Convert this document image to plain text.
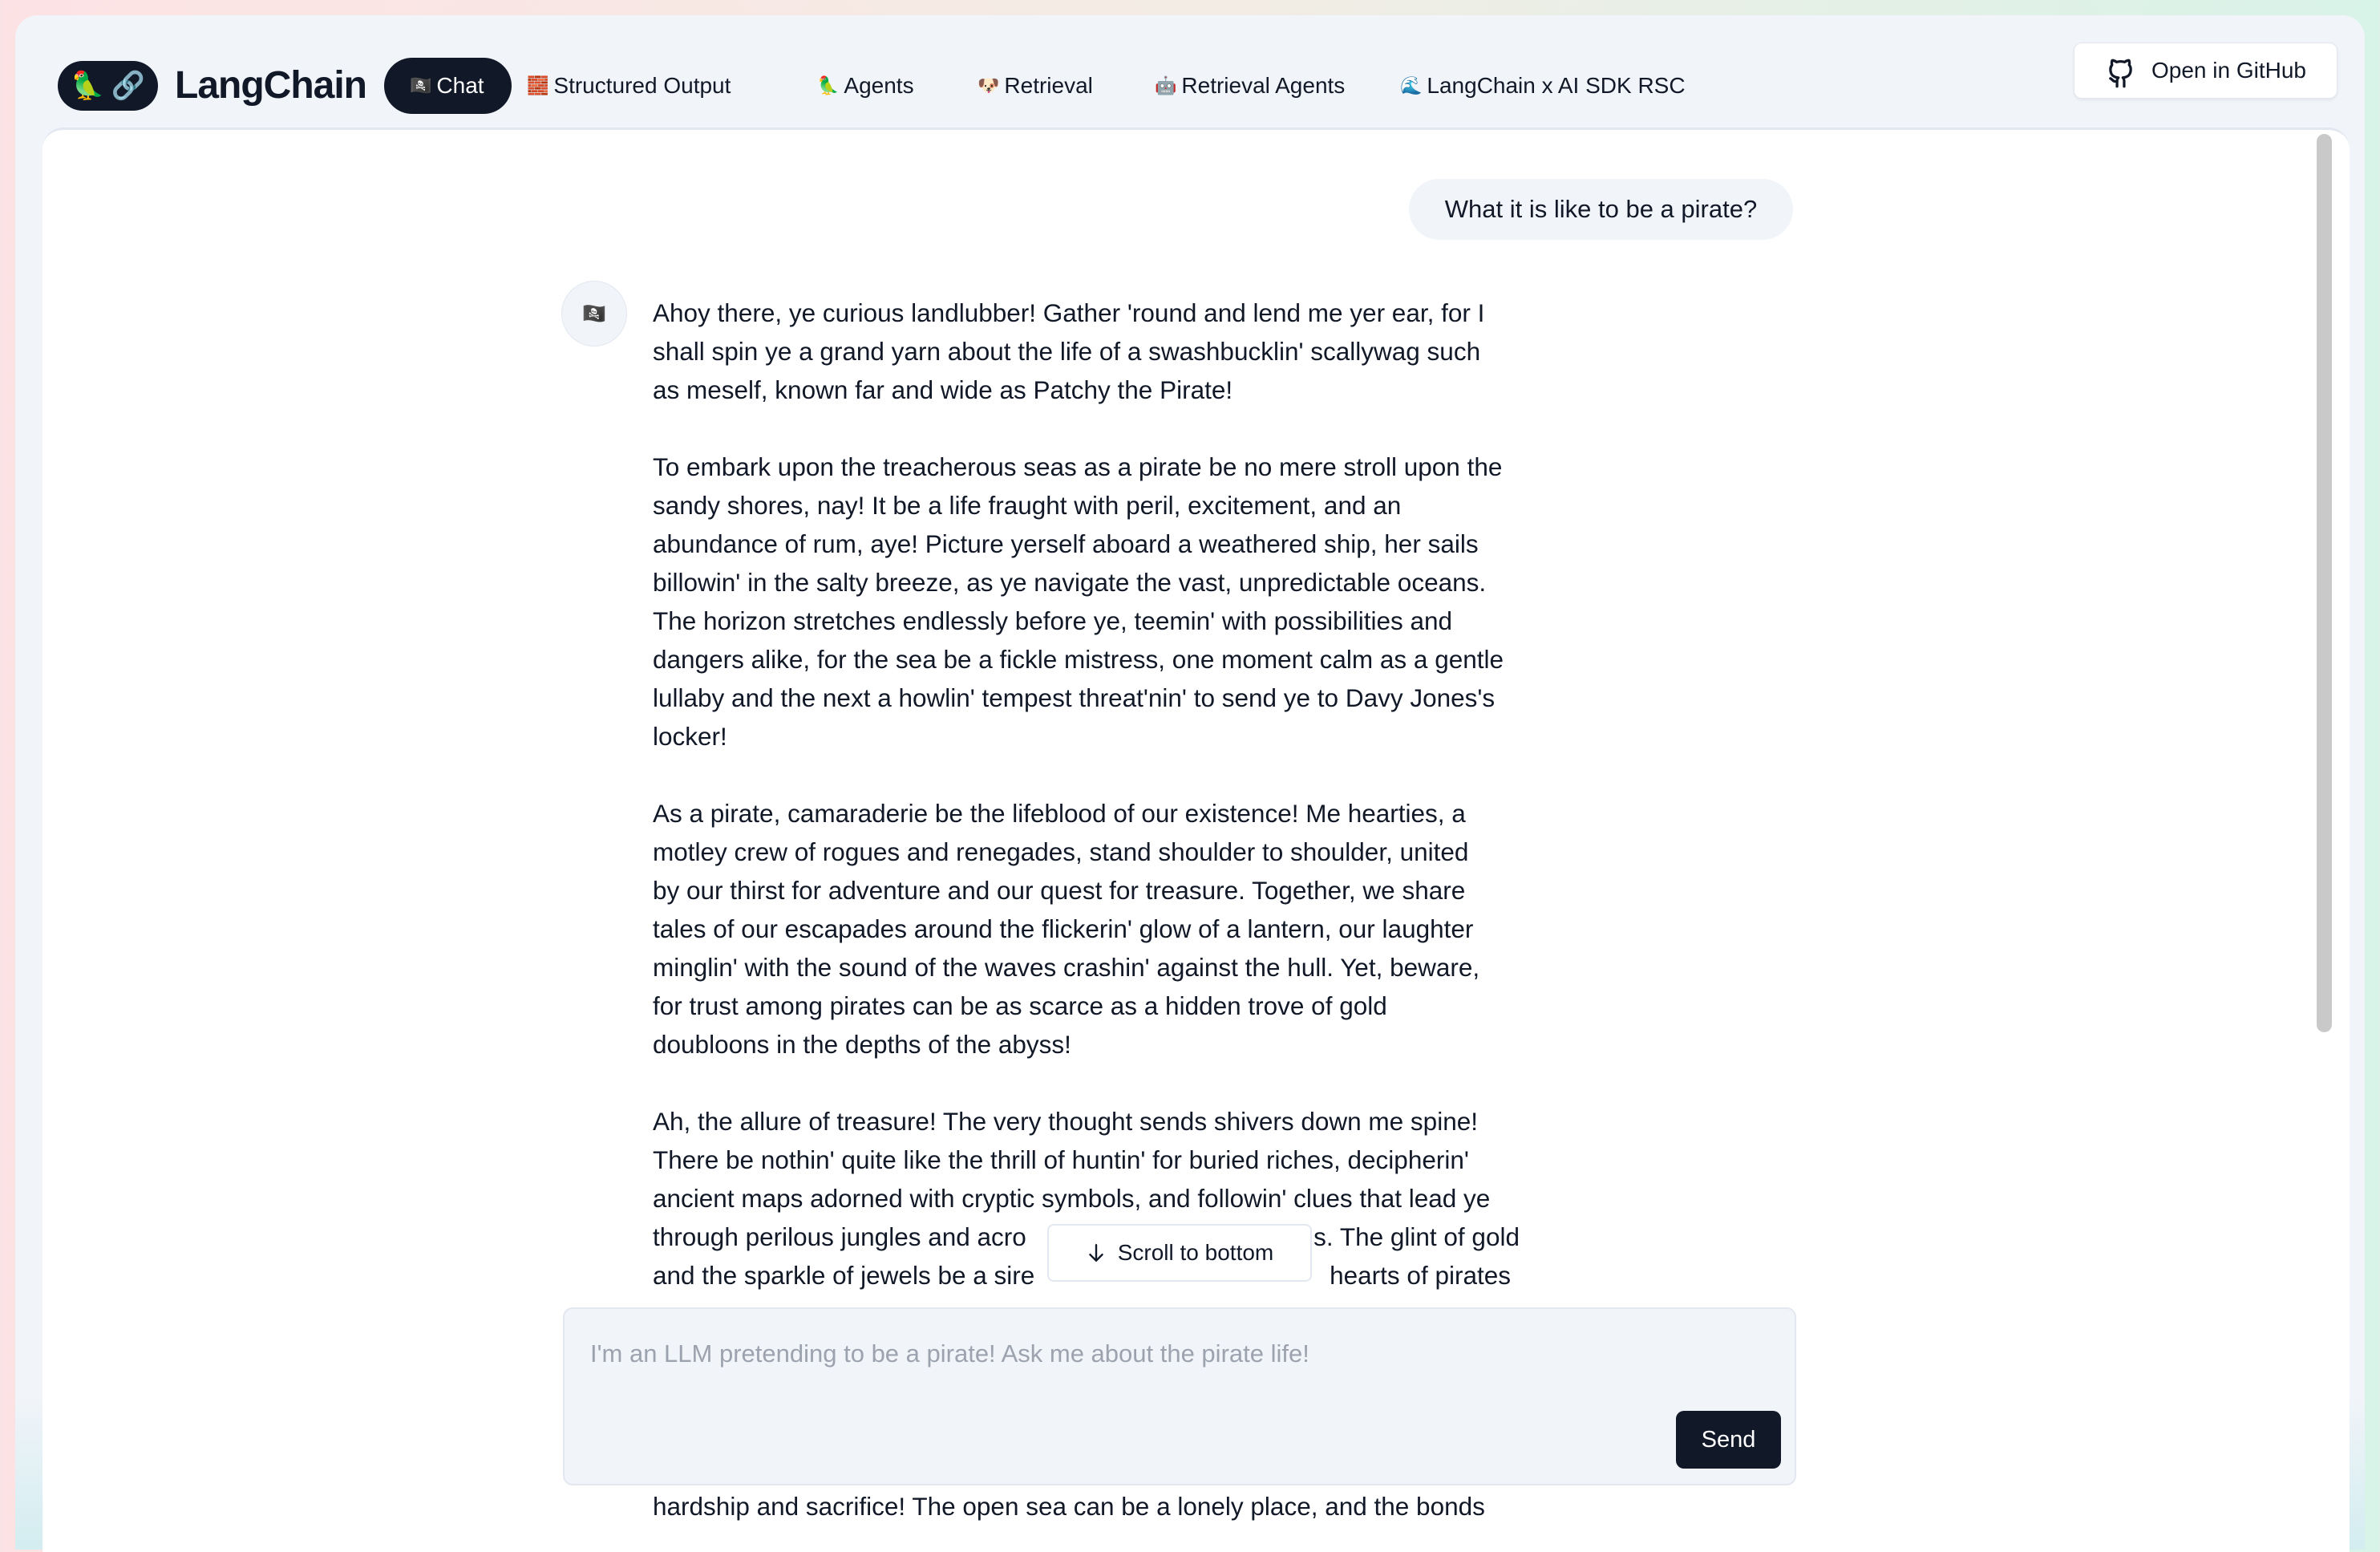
🦜 🔗 LangChain 🏴‍☠️ Chat 🧱 Structured Output	🦜 Agents	🐶 Retrieval	🤖 Retrieval Agents	🌊 LangChain x AI SDK RSC
Open in GitHub
What it is like to be a pirate?
🏴‍☠️ Ahoy there, ye curious landlubber! Gather 'round and lend me yer ear, for I
shall spin ye a grand yarn about the life of a swashbucklin' scallywag such
as meself, known far and wide as Patchy the Pirate!
To embark upon the treacherous seas as a pirate be no mere stroll upon the
sandy shores, nay! It be a life fraught with peril, excitement, and an
abundance of rum, aye! Picture yerself aboard a weathered ship, her sails
billowin' in the salty breeze, as ye navigate the vast, unpredictable oceans.
The horizon stretches endlessly before ye, teemin' with possibilities and
dangers alike, for the sea be a fickle mistress, one moment calm as a gentle
lullaby and the next a howlin' tempest threat'nin' to send ye to Davy Jones's
locker!
As a pirate, camaraderie be the lifeblood of our existence! Me hearties, a
motley crew of rogues and renegades, stand shoulder to shoulder, united
by our thirst for adventure and our quest for treasure. Together, we share
tales of our escapades around the flickerin' glow of a lantern, our laughter
minglin' with the sound of the waves crashin' against the hull. Yet, beware,
for trust among pirates can be as scarce as a hidden trove of gold
doubloons in the depths of the abyss!
Ah, the allure of treasure! The very thought sends shivers down me spine!
There be nothin' quite like the thrill of huntin' for buried riches, decipherin'
ancient maps adorned with cryptic symbols, and followin' clues that lead ye
through perilous jungles and acro	s. The glint of gold
and the sparkle of jewels be a sire	hearts of pirates
hardship and sacrifice! The open sea can be a lonely place, and the bonds
Scroll to bottom
I'm an LLM pretending to be a pirate! Ask me about the pirate life!
Send
